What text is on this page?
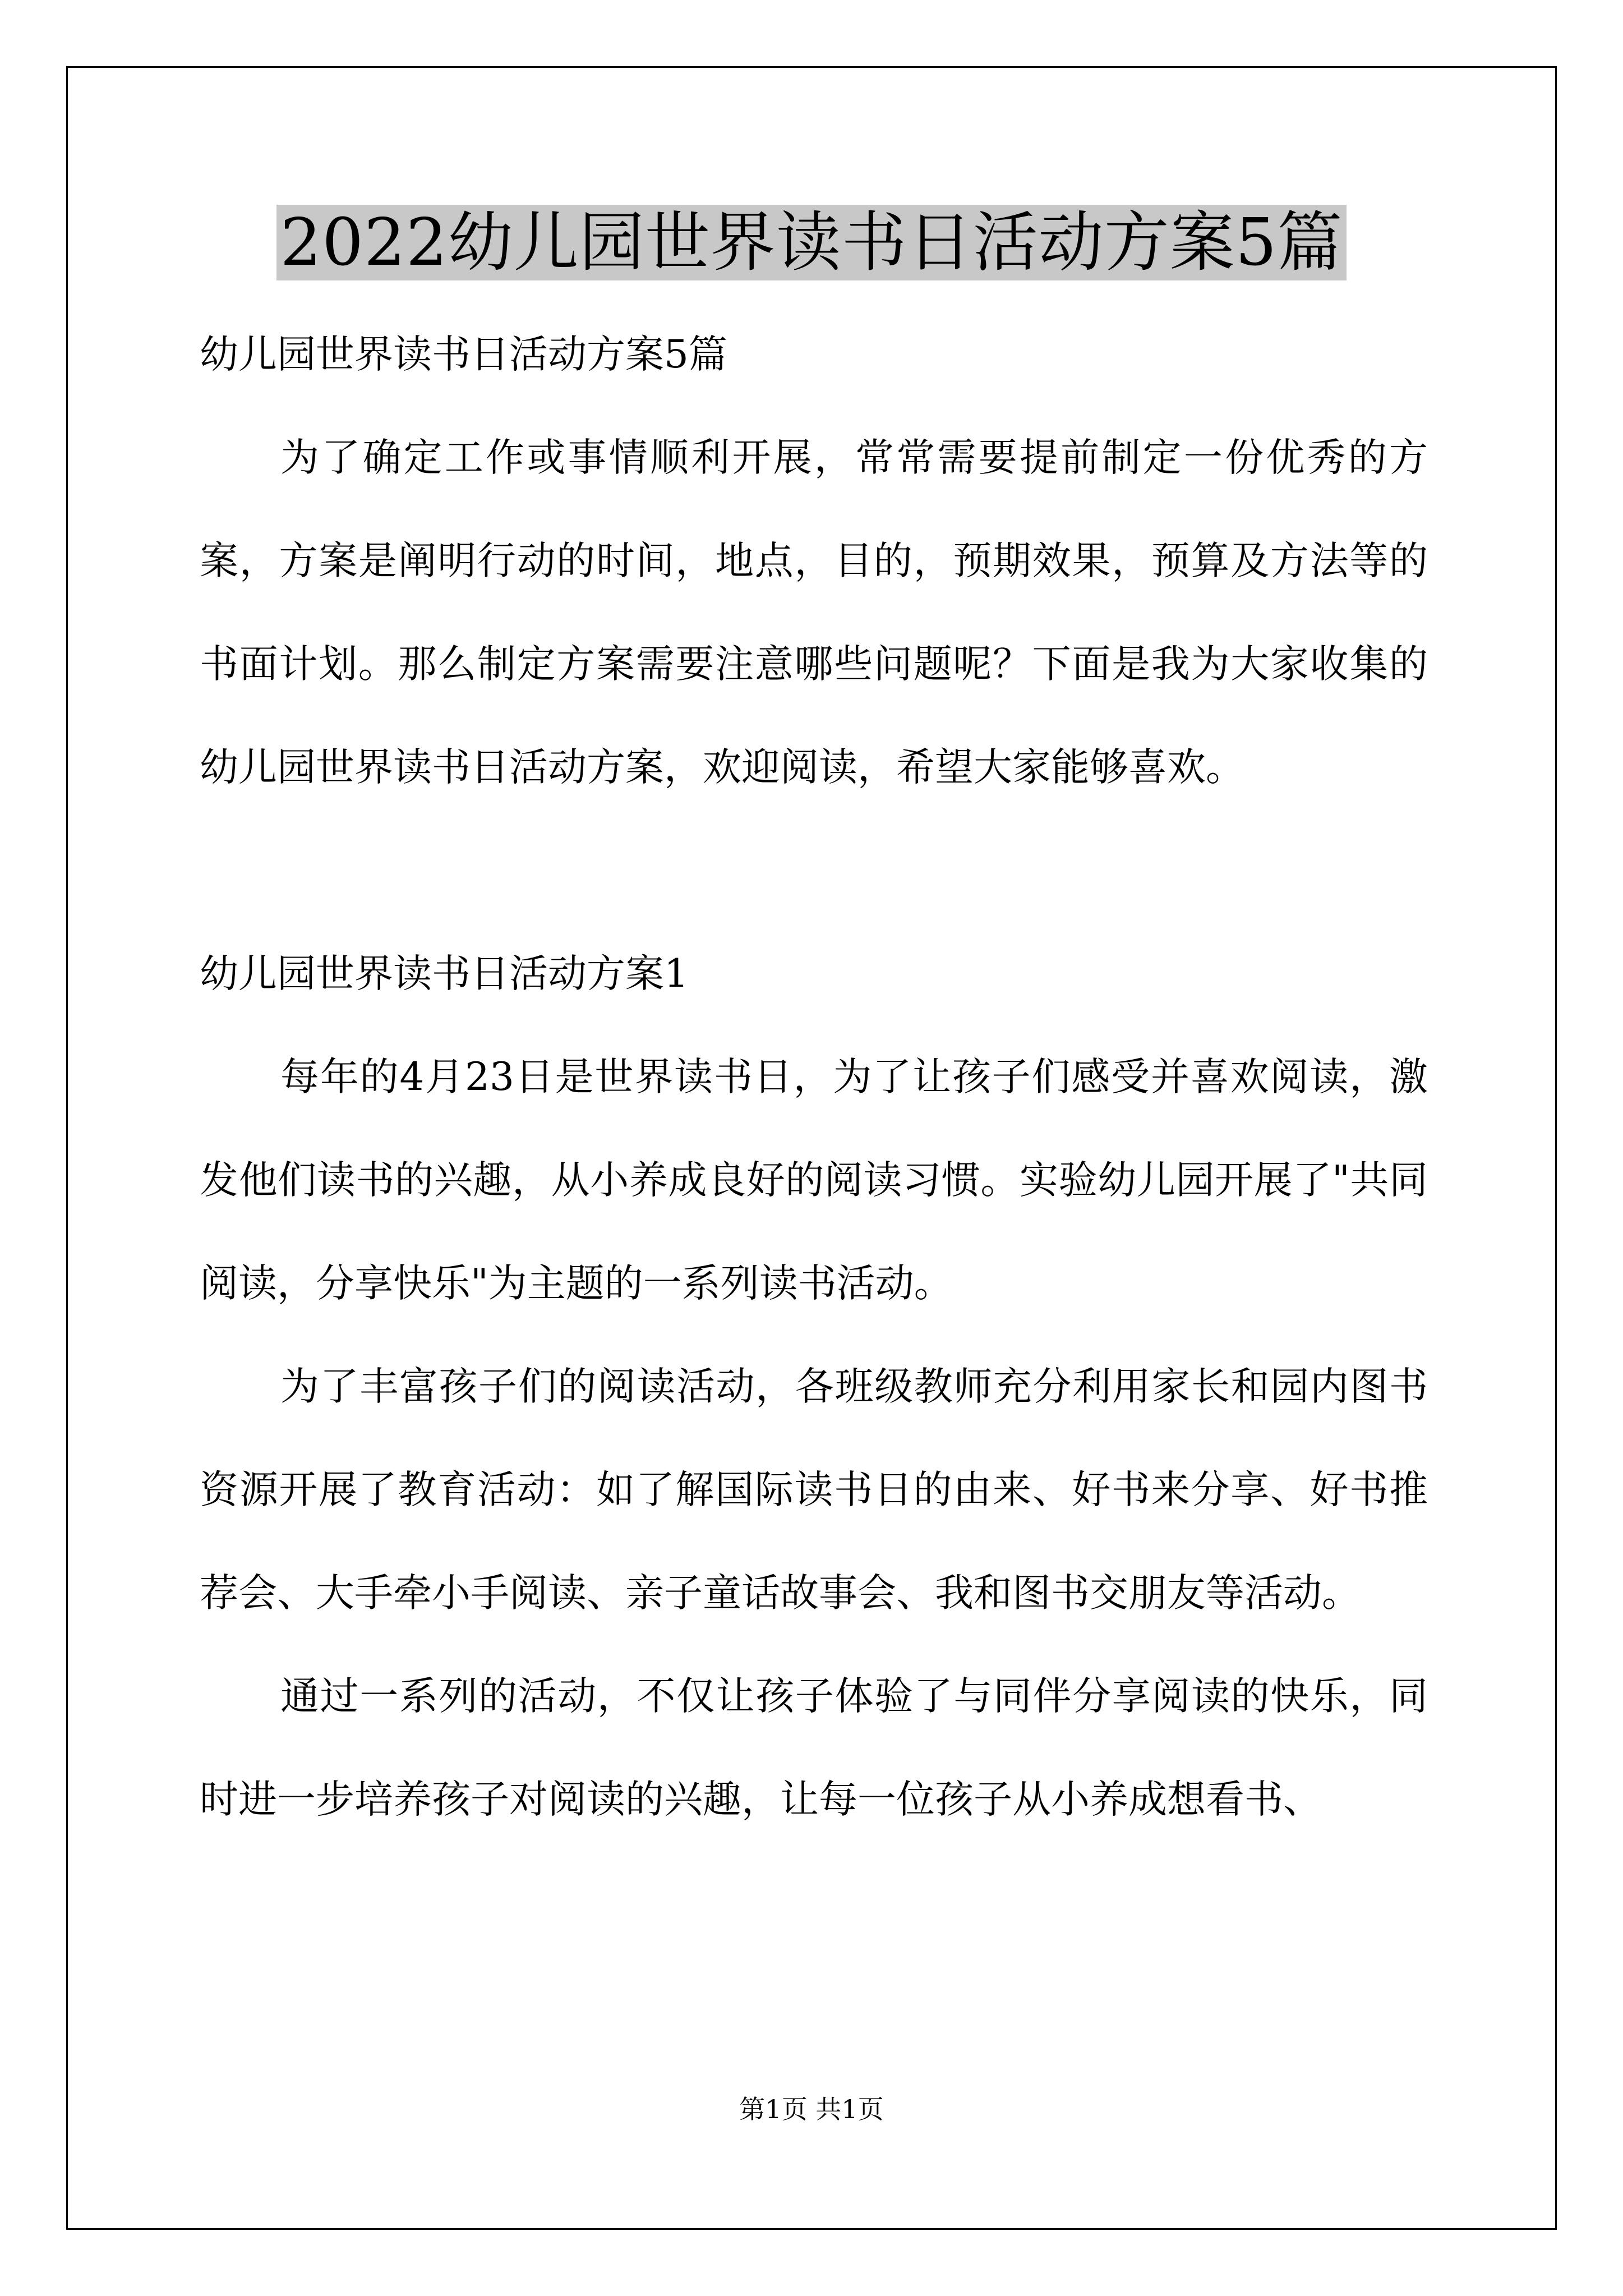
2022幼儿园世界读书日活动方案5篇

幼儿园世界读书日活动方案5篇

为了确定工作或事情顺利开展，常常需要提前制定一份优秀的方案，方案是阐明行动的时间，地点，目的，预期效果，预算及方法等的书面计划。那么制定方案需要注意哪些问题呢？下面是我为大家收集的幼儿园世界读书日活动方案，欢迎阅读，希望大家能够喜欢。

幼儿园世界读书日活动方案1

每年的4月23日是世界读书日，为了让孩子们感受并喜欢阅读，激发他们读书的兴趣，从小养成良好的阅读习惯。实验幼儿园开展了"共同阅读，分享快乐"为主题的一系列读书活动。

为了丰富孩子们的阅读活动，各班级教师充分利用家长和园内图书资源开展了教育活动：如了解国际读书日的由来、好书来分享、好书推荐会、大手牵小手阅读、亲子童话故事会、我和图书交朋友等活动。

通过一系列的活动，不仅让孩子体验了与同伴分享阅读的快乐，同时进一步培养孩子对阅读的兴趣，让每一位孩子从小养成想看书、

第1页 共1页
